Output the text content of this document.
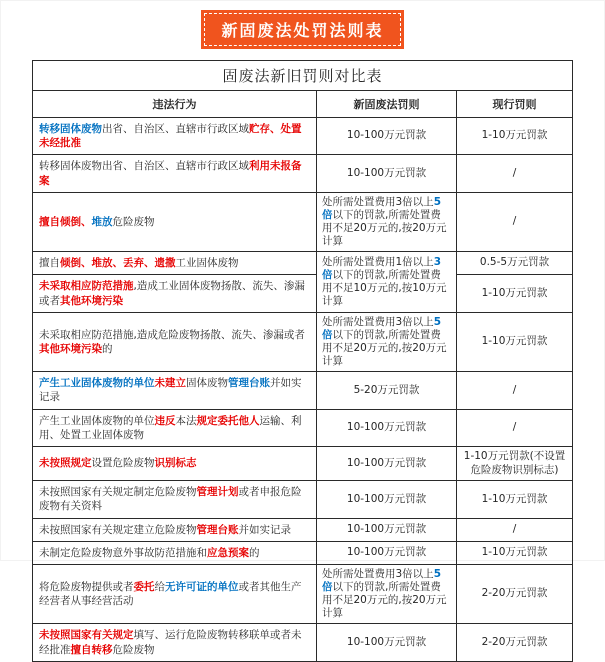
新固废法处罚法则表
固废法新旧罚则对比表		
违法行为	新固废法罚则	现行罚则
转移固体废物出省、自治区、直辖市行政区域贮存、处置未经批准	10-100万元罚款	1-10万元罚款
转移固体废物出省、自治区、直辖市行政区域利用未报备案	10-100万元罚款	/
擅自倾倒、堆放危险废物	处所需处置费用3倍以上5倍以下的罚款,所需处置费用不足20万元的,按20万元计算	/
擅自倾倒、堆放、丢弃、遗撒工业固体废物	处所需处置费用1倍以上3倍以下的罚款,所需处置费用不足10万元的,按10万元计算	0.5-5万元罚款
未采取相应防范措施,造成工业固体废物扬散、流失、渗漏或者其他环境污染		1-10万元罚款
未采取相应防范措施,造成危险废物扬散、流失、渗漏或者其他环境污染的	处所需处置费用3倍以上5倍以下的罚款,所需处置费用不足20万元的,按20万元计算	1-10万元罚款
产生工业固体废物的单位未建立固体废物管理台账并如实记录	5-20万元罚款	/
产生工业固体废物的单位违反本法规定委托他人运输、利用、处置工业固体废物	10-100万元罚款	/
未按照规定设置危险废物识别标志	10-100万元罚款	1-10万元罚款(不设置危险废物识别标志)
未按照国家有关规定制定危险废物管理计划或者申报危险废物有关资料	10-100万元罚款	1-10万元罚款
未按照国家有关规定建立危险废物管理台账并如实记录	10-100万元罚款	/
未制定危险废物意外事故防范措施和应急预案的	10-100万元罚款	1-10万元罚款
将危险废物提供或者委托给无许可证的单位或者其他生产经营者从事经营活动	处所需处置费用3倍以上5倍以下的罚款,所需处置费用不足20万元的,按20万元计算	2-20万元罚款
未按照国家有关规定填写、运行危险废物转移联单或者未经批准擅自转移危险废物	10-100万元罚款	2-20万元罚款
